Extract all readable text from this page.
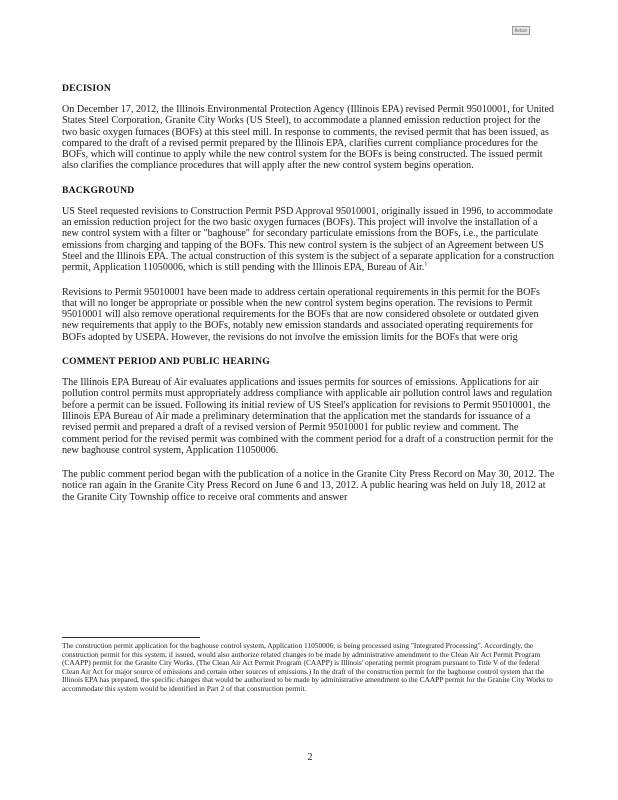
Retain
DECISION

On December 17, 2012, the Illinois Environmental Protection Agency (Illinois EPA) revised Permit 95010001, for United States Steel Corporation, Granite City Works (US Steel), to accommodate a planned emission reduction project for the two basic oxygen furnaces (BOFs) at this steel mill. In response to comments, the revised permit that has been issued, as compared to the draft of a revised permit prepared by the Illinois EPA, clarifies current compliance procedures for the BOFs, which will continue to apply while the new control system for the BOFs is being constructed. The issued permit also clarifies the compliance procedures that will apply after the new control system begins operation.

BACKGROUND

US Steel requested revisions to Construction Permit PSD Approval 95010001, originally issued in 1996, to accommodate an emission reduction project for the two basic oxygen furnaces (BOFs). This project will involve the installation of a new control system with a filter or "baghouse" for secondary particulate emissions from the BOFs, i.e., the particulate emissions from charging and tapping of the BOFs. This new control system is the subject of an Agreement between US Steel and the Illinois EPA. The actual construction of this system is the subject of a separate application for a construction permit, Application 11050006, which is still pending with the Illinois EPA, Bureau of Air.$^1$

Revisions to Permit 95010001 have been made to address certain operational requirements in this permit for the BOFs that will no longer be appropriate or possible when the new control system begins operation. The revisions to Permit 95010001 will also remove operational requirements for the BOFs that are now considered obsolete or outdated given new requirements that apply to the BOFs, notably new emission standards and associated operating requirements for BOFs adopted by USEPA. However, the revisions do not involve the emission limits for the BOFs that were orig

COMMENT PERIOD AND PUBLIC HEARING

The Illinois EPA Bureau of Air evaluates applications and issues permits for sources of emissions. Applications for air pollution control permits must appropriately address compliance with applicable air pollution control laws and regulation before a permit can be issued. Following its initial review of US Steel's application for revisions to Permit 95010001, the Illinois EPA Bureau of Air made a preliminary determination that the application met the standards for issuance of a revised permit and prepared a draft of a revised version of Permit 95010001 for public review and comment. The comment period for the revised permit was combined with the comment period for a draft of a construction permit for the new baghouse control system, Application 11050006.

The public comment period began with the publication of a notice in the Granite City Press Record on May 30, 2012. The notice ran again in the Granite City Press Record on June 6 and 13, 2012. A public hearing was held on July 18, 2012 at the Granite City Township office to receive oral comments and answer

The construction permit application for the baghouse control system, Application 11050006, is being processed using "Integrated Processing". Accordingly, the construction permit for this system, if issued, would also authorize related changes to be made by administrative amendment to the Clean Air Act Permit Program (CAAPP) permit for the Granite City Works. (The Clean Air Act Permit Program (CAAPP) is Illinois' operating permit program pursuant to Title V of the federal Clean Air Act for major source of emissions and certain other sources of emissions.) In the draft of the construction permit for the baghouse control system that the Illinois EPA has prepared, the specific changes that would be authorized to be made by administrative amendment to the CAAPP permit for the Granite City Works to accommodate this system would be identified in Part 2 of that construction permit.

2
